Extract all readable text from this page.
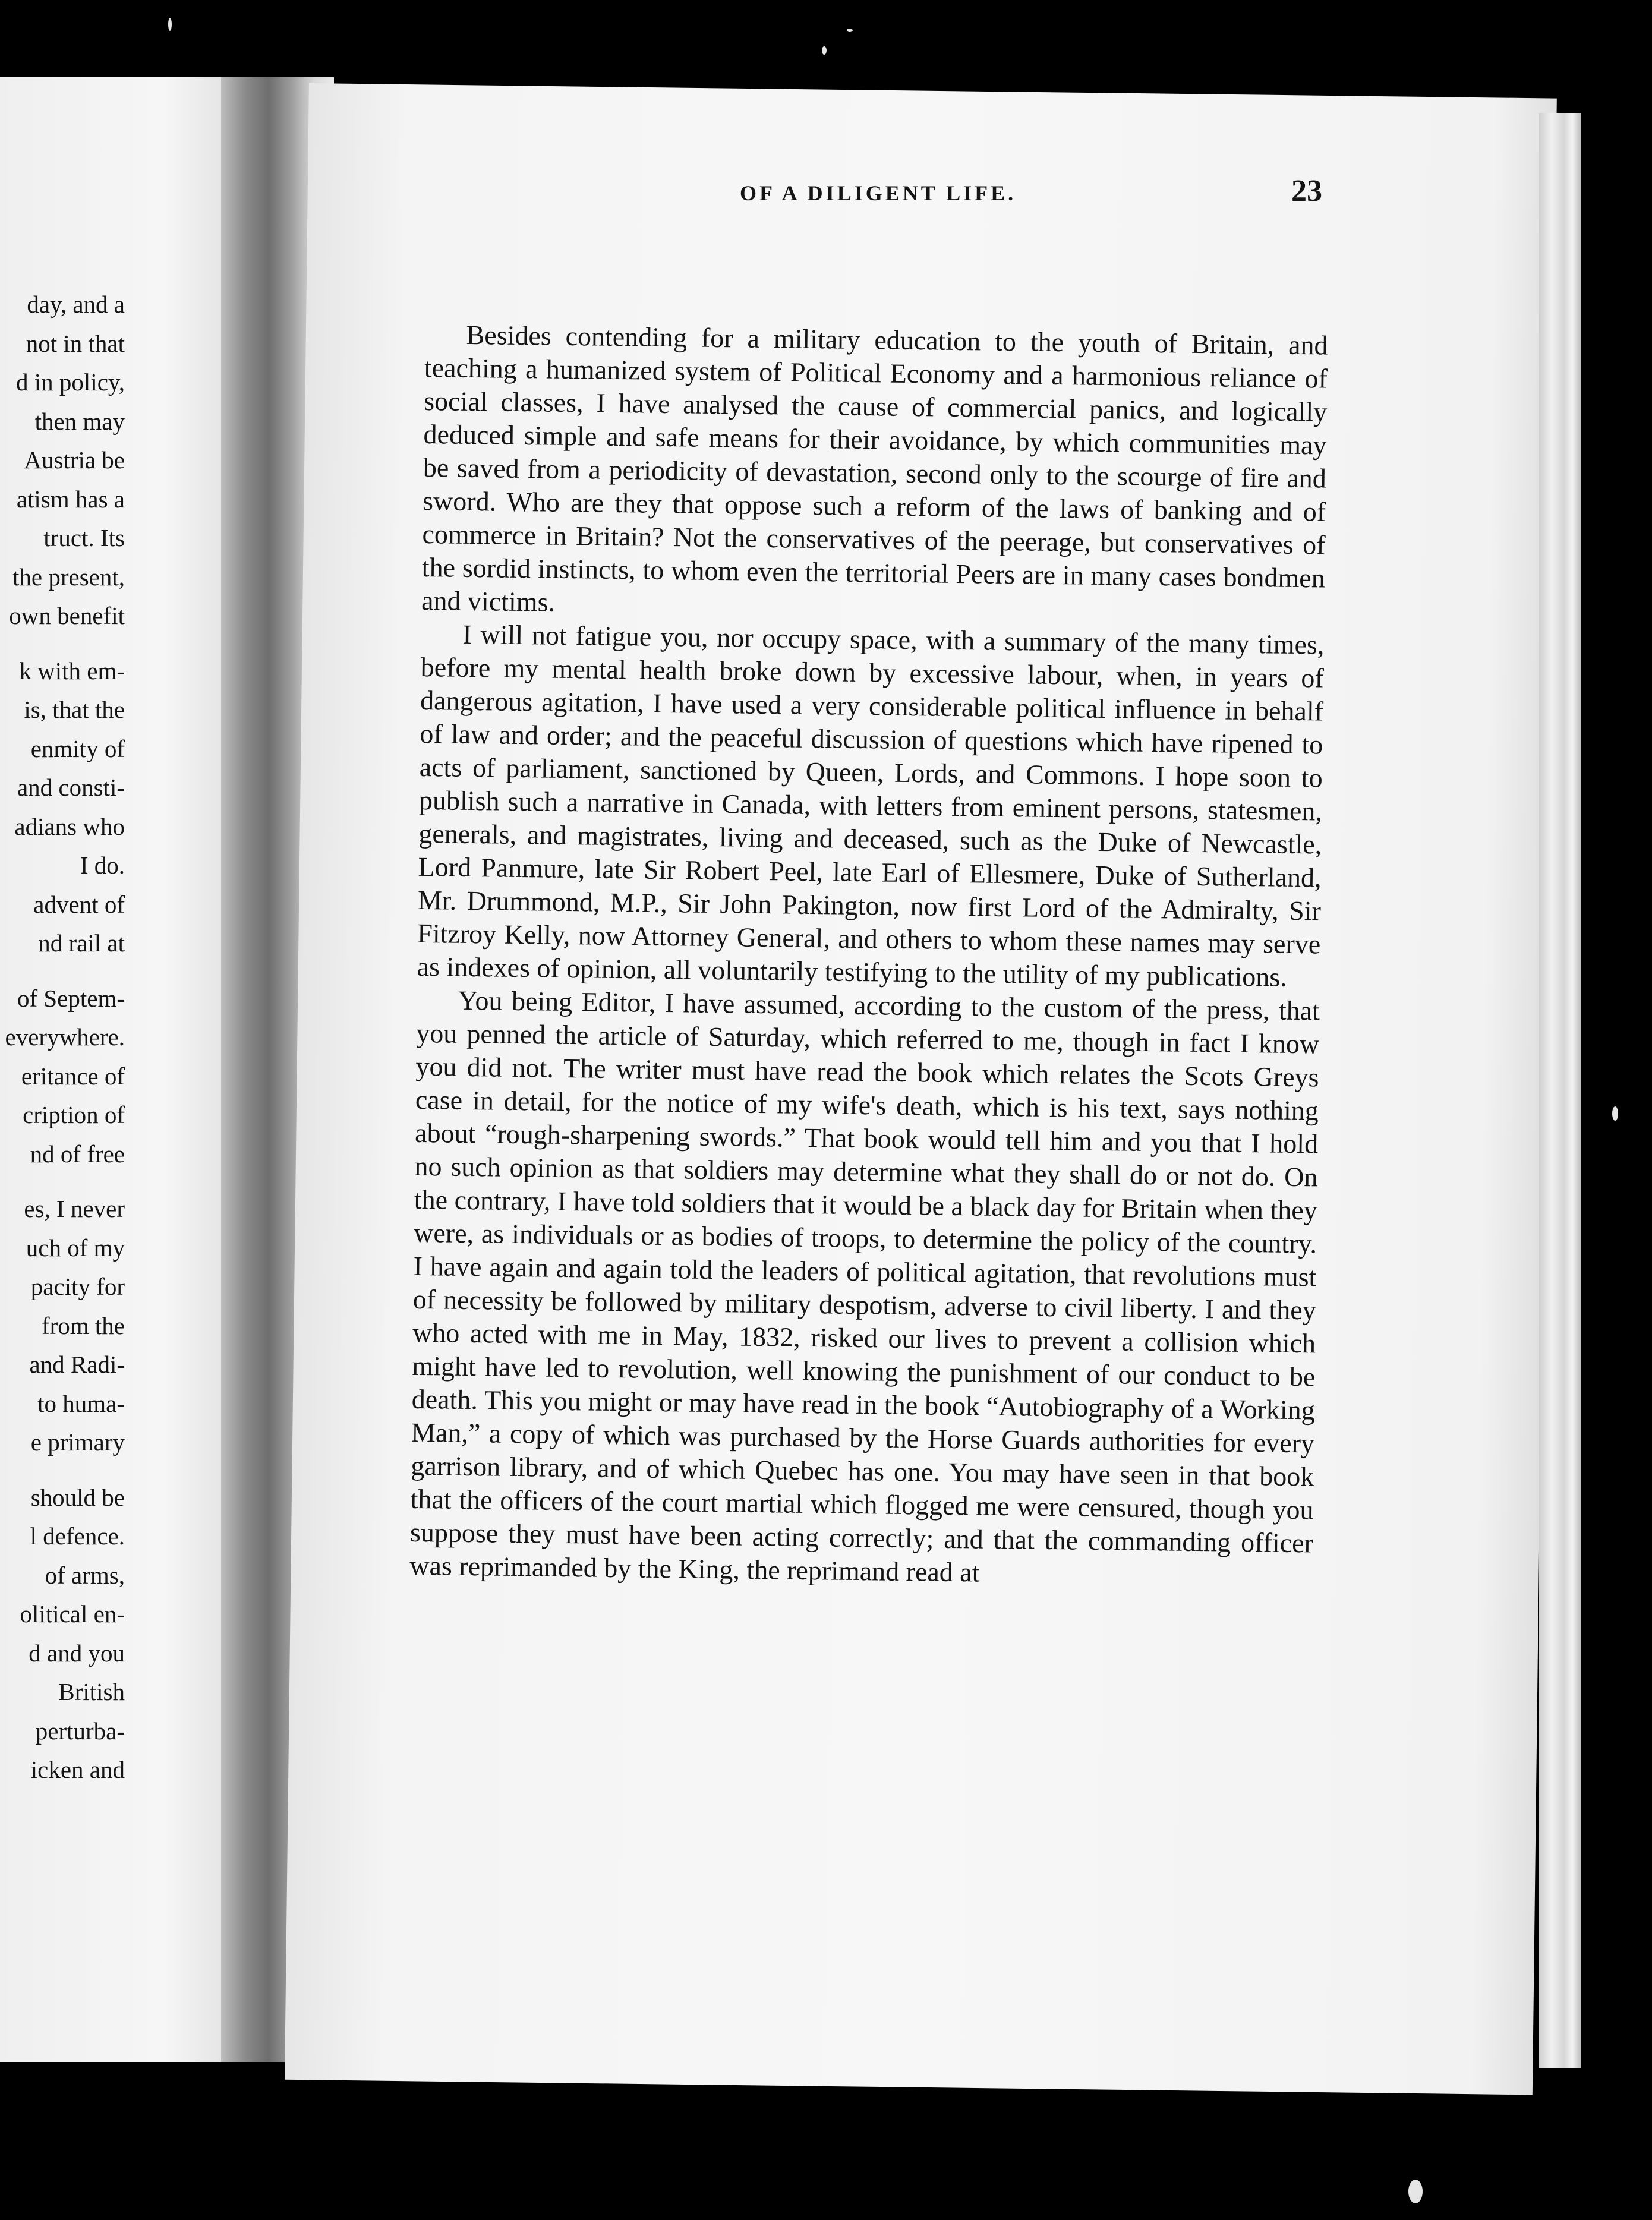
day, and a
not in that
d in policy,
then may
Austria be
atism has a
truct. Its
the present,
own benefit
k with em-
is, that the
enmity of
and consti-
adians who
I do.
advent of
nd rail at
of Septem-
everywhere.
eritance of
cription of
nd of free
es, I never
uch of my
pacity for
from the
and Radi-
to huma-
e primary
should be
l defence.
of arms,
olitical en-
d and you
British
perturba-
icken and
OF A DILIGENT LIFE.	23

Besides contending for a military education to the youth of Britain, and teaching a humanized system of Political Economy and a harmonious reliance of social classes, I have analysed the cause of commercial panics, and logically deduced simple and safe means for their avoidance, by which communities may be saved from a periodicity of devastation, second only to the scourge of fire and sword. Who are they that oppose such a reform of the laws of banking and of commerce in Britain? Not the conservatives of the peerage, but conservatives of the sordid instincts, to whom even the territorial Peers are in many cases bondmen and victims.

I will not fatigue you, nor occupy space, with a summary of the many times, before my mental health broke down by excessive labour, when, in years of dangerous agitation, I have used a very considerable political influence in behalf of law and order; and the peaceful discussion of questions which have ripened to acts of parliament, sanctioned by Queen, Lords, and Commons. I hope soon to publish such a narrative in Canada, with letters from eminent persons, statesmen, generals, and magistrates, living and deceased, such as the Duke of Newcastle, Lord Panmure, late Sir Robert Peel, late Earl of Ellesmere, Duke of Sutherland, Mr. Drummond, M.P., Sir John Pakington, now first Lord of the Admiralty, Sir Fitzroy Kelly, now Attorney General, and others to whom these names may serve as indexes of opinion, all voluntarily testifying to the utility of my publications.

You being Editor, I have assumed, according to the custom of the press, that you penned the article of Saturday, which referred to me, though in fact I know you did not. The writer must have read the book which relates the Scots Greys case in detail, for the notice of my wife's death, which is his text, says nothing about “rough-sharpening swords.” That book would tell him and you that I hold no such opinion as that soldiers may determine what they shall do or not do. On the contrary, I have told soldiers that it would be a black day for Britain when they were, as individuals or as bodies of troops, to determine the policy of the country. I have again and again told the leaders of political agitation, that revolutions must of necessity be followed by military despotism, adverse to civil liberty. I and they who acted with me in May, 1832, risked our lives to prevent a collision which might have led to revolution, well knowing the punishment of our conduct to be death. This you might or may have read in the book “Autobiography of a Working Man,” a copy of which was purchased by the Horse Guards authorities for every garrison library, and of which Quebec has one. You may have seen in that book that the officers of the court martial which flogged me were censured, though you suppose they must have been acting correctly; and that the commanding officer was reprimanded by the King, the reprimand read at
